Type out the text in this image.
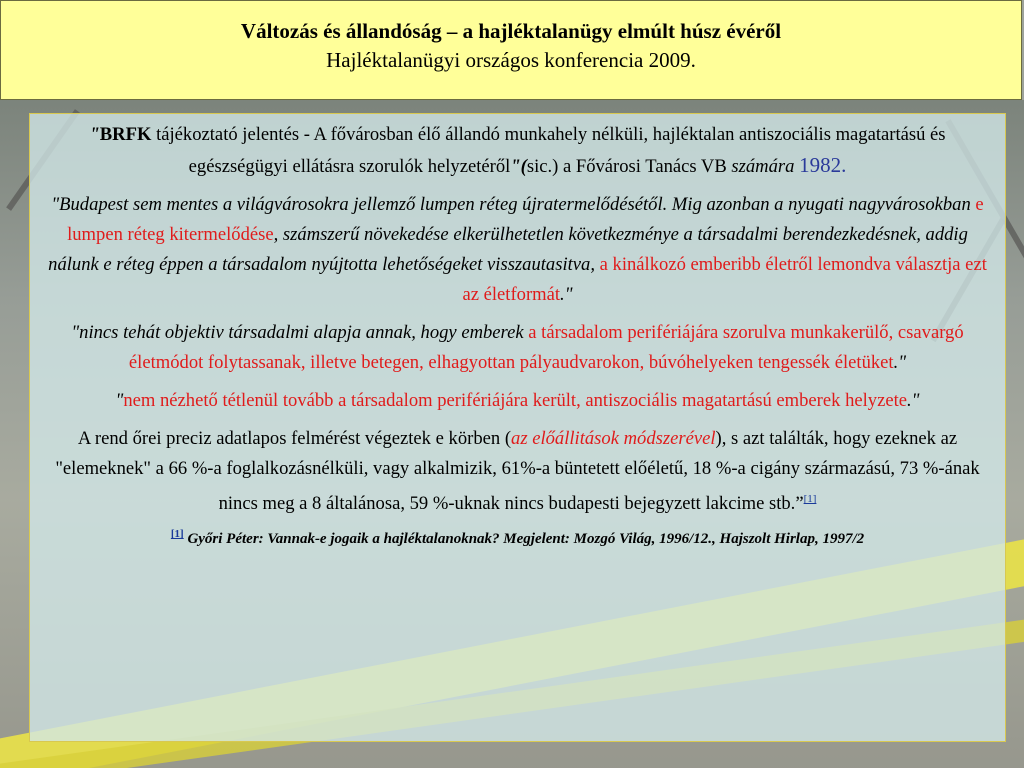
Változás és állandóság – a hajléktalanügy elmúlt húsz évéről
Hajléktalanügyi országos konferencia 2009.

"BRFK tájékoztató jelentés - A fővárosban élő állandó munkahely nélküli, hajléktalan antiszociális magatartású és egészségügyi ellátásra szorulók helyzetéről"(sic.) a Fővárosi Tanács VB számára 1982.

"Budapest sem mentes a világvárosokra jellemző lumpen réteg újratermelődésétől. Mig azonban a nyugati nagyvárosokban e lumpen réteg kitermelődése, számszerű növekedése elkerülhetetlen következménye a társadalmi berendezkedésnek, addig nálunk e réteg éppen a társadalom nyújtotta lehetőségeket visszautasitva, a kinálkozó emberibb életről lemondva választja ezt az életformát."

"nincs tehát objektiv társadalmi alapja annak, hogy emberek a társadalom perifériájára szorulva munkakerülő, csavargó életmódot folytassanak, illetve betegen, elhagyottan pályaudvarokon, búvóhelyeken tengessék életüket."

"nem nézhető tétlenül tovább a társadalom perifériájára került, antiszociális magatartású emberek helyzete."

A rend őrei preciz adatlapos felmérést végeztek e körben (az előállitások módszerével), s azt találták, hogy ezeknek az "elemeknek" a 66 %-a foglalkozásnélküli, vagy alkalmizik, 61%-a büntetett előéletű, 18 %-a cigány származású, 73 %-ának nincs meg a 8 általánosa, 59 %-uknak nincs budapesti bejegyzett lakcime stb.”[1]

[1] Győri Péter: Vannak-e jogaik a hajléktalanoknak? Megjelent: Mozgó Világ, 1996/12., Hajszolt Hirlap, 1997/2
